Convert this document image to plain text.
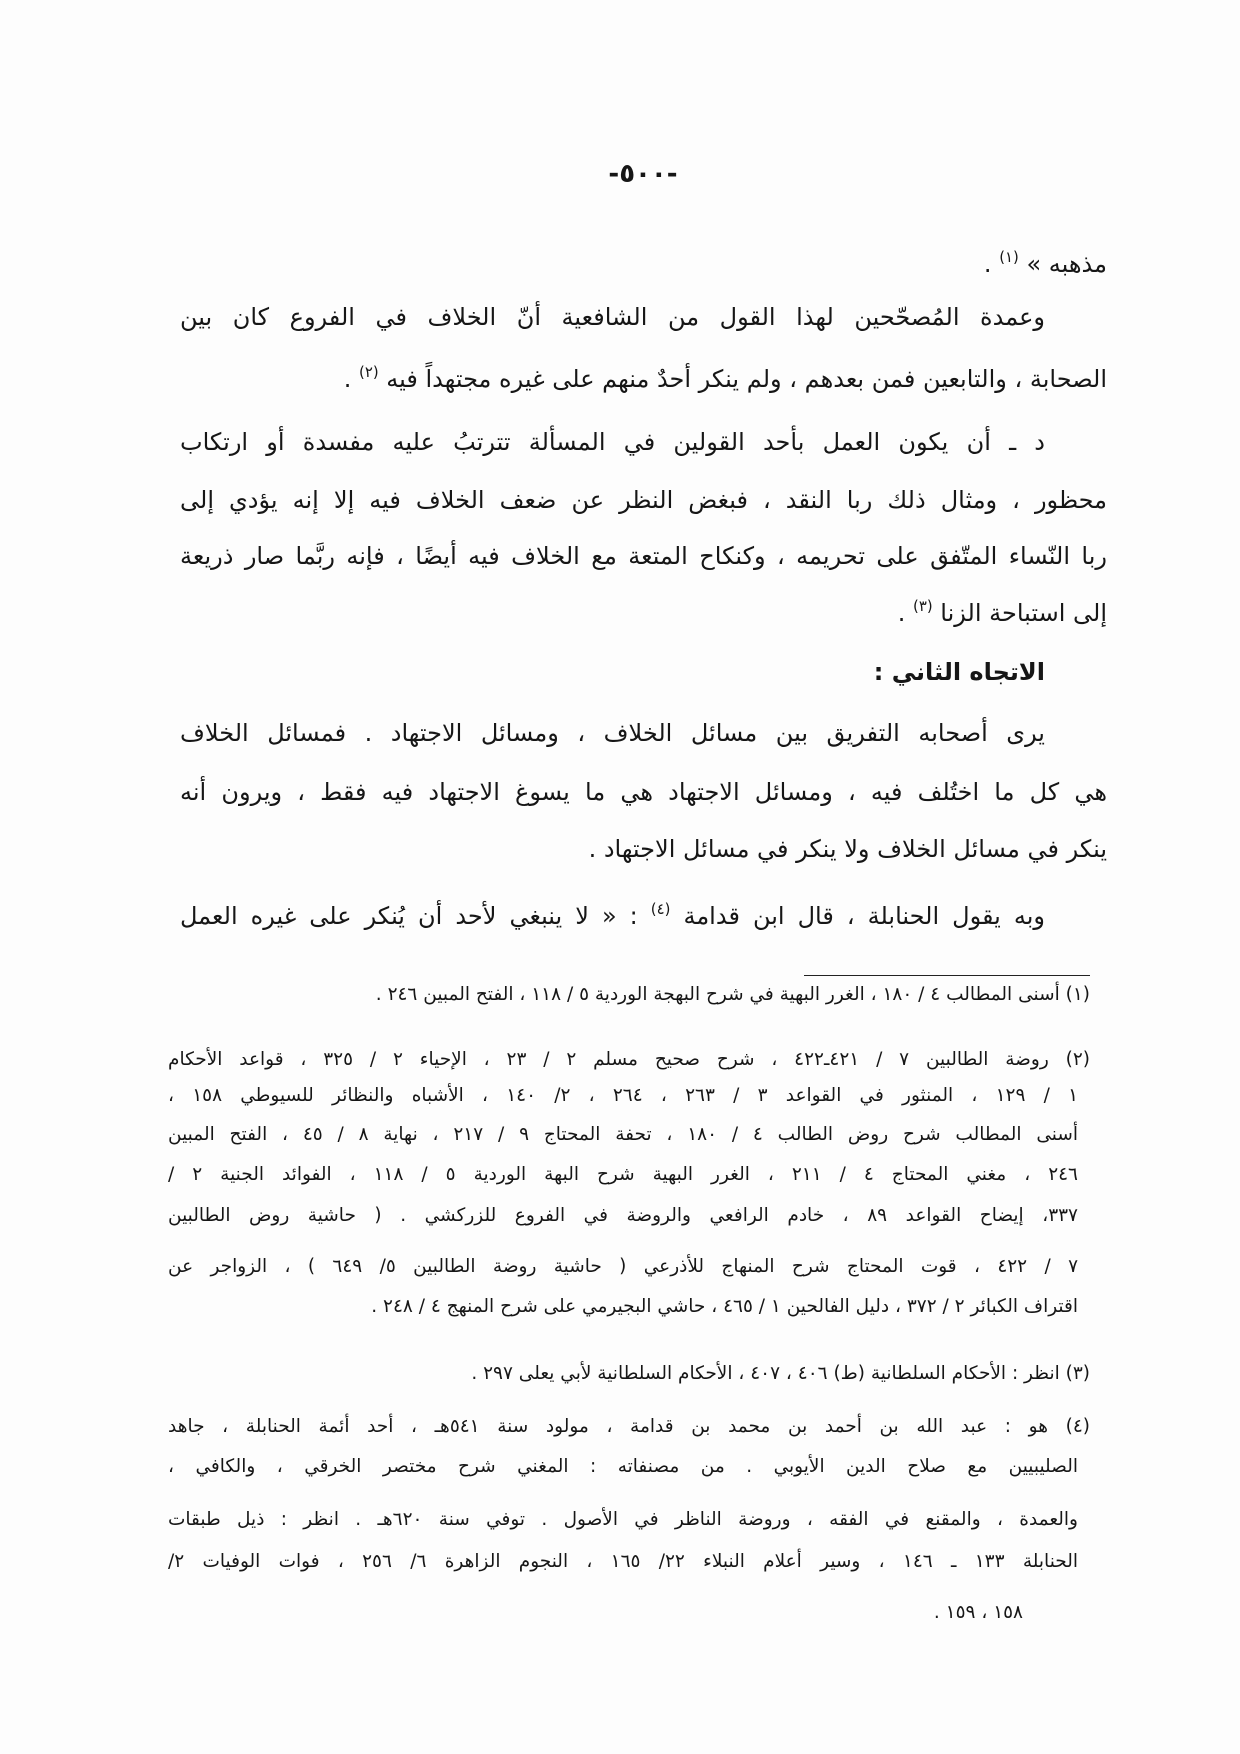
-٥٠٠-
مذهبه » $^{(١)}$ .
وعمدة المُصحّحين لهذا القول من الشافعية أنّ الخلاف في الفروع كان بين
الصحابة ، والتابعين فمن بعدهم ، ولم ينكر أحدٌ منهم على غيره مجتهداً فيه $^{(٢)}$ .
د ـ أن يكون العمل بأحد القولين في المسألة تترتبُ عليه مفسدة أو ارتكاب
محظور ، ومثال ذلك ربا النقد ، فبغض النظر عن ضعف الخلاف فيه إلا إنه يؤدي إلى
ربا النّساء المتّفق على تحريمه ، وكنكاح المتعة مع الخلاف فيه أيضًا ، فإنه ربَّما صار ذريعة
إلى استباحة الزنا $^{(٣)}$ .
الاتجاه الثاني :
يرى أصحابه التفريق بين مسائل الخلاف ، ومسائل الاجتهاد . فمسائل الخلاف
هي كل ما اختُلف فيه ، ومسائل الاجتهاد هي ما يسوغ الاجتهاد فيه فقط ، ويرون أنه
ينكر في مسائل الخلاف ولا ينكر في مسائل الاجتهاد .
وبه يقول الحنابلة ، قال ابن قدامة $^{(٤)}$ : « لا ينبغي لأحد أن يُنكر على غيره العمل
(١) أسنى المطالب ٤ / ١٨٠ ، الغرر البهية في شرح البهجة الوردية ٥ / ١١٨ ، الفتح المبين ٢٤٦ .
(٢) روضة الطالبين ٧ / ٤٢١ـ٤٢٢ ، شرح صحيح مسلم ٢ / ٢٣ ، الإحياء ٢ / ٣٢٥ ، قواعد الأحكام
١ / ١٢٩ ، المنثور في القواعد ٣ / ٢٦٣ ، ٢٦٤ ، ٢/ ١٤٠ ، الأشباه والنظائر للسيوطي ١٥٨ ،
أسنى المطالب شرح روض الطالب ٤ / ١٨٠ ، تحفة المحتاج ٩ / ٢١٧ ، نهاية ٨ / ٤٥ ، الفتح المبين
٢٤٦ ، مغني المحتاج ٤ / ٢١١ ، الغرر البهية شرح البهة الوردية ٥ / ١١٨ ، الفوائد الجنية ٢ /
٣٣٧، إيضاح القواعد ٨٩ ، خادم الرافعي والروضة في الفروع للزركشي . ( حاشية روض الطالبين
٧ / ٤٢٢ ، قوت المحتاج شرح المنهاج للأذرعي ( حاشية روضة الطالبين ٥/ ٦٤٩ ) ، الزواجر عن
اقتراف الكبائر ٢ / ٣٧٢ ، دليل الفالحين ١ / ٤٦٥ ، حاشي البجيرمي على شرح المنهج ٤ / ٢٤٨ .
(٣) انظر : الأحكام السلطانية (ط) ٤٠٦ ، ٤٠٧ ، الأحكام السلطانية لأبي يعلى ٢٩٧ .
(٤) هو : عبد الله بن أحمد بن محمد بن قدامة ، مولود سنة ٥٤١هـ ، أحد أئمة الحنابلة ، جاهد
الصليبيين مع صلاح الدين الأيوبي . من مصنفاته : المغني شرح مختصر الخرقي ، والكافي ،
والعمدة ، والمقنع في الفقه ، وروضة الناظر في الأصول . توفي سنة ٦٢٠هـ . انظر : ذيل طبقات
الحنابلة ١٣٣ ـ ١٤٦ ، وسير أعلام النبلاء ٢٢/ ١٦٥ ، النجوم الزاهرة ٦/ ٢٥٦ ، فوات الوفيات ٢/
١٥٨ ، ١٥٩ .
